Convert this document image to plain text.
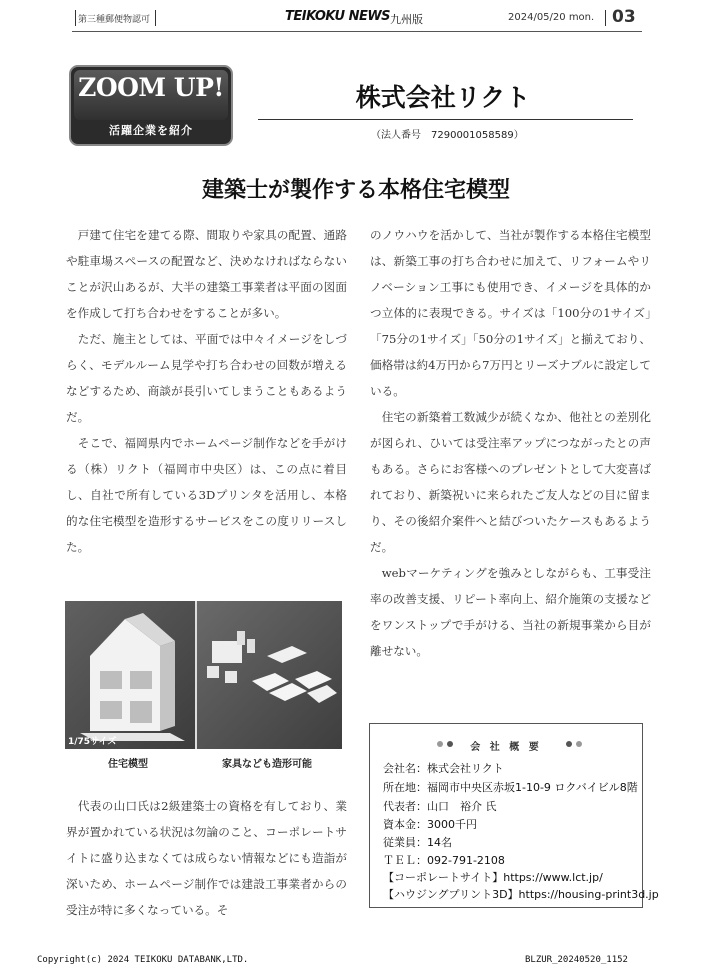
第三種郵便物認可	TEIKOKU NEWS 九州版	2024/05/20 mon. 03
ZOOM UP!
活躍企業を紹介
株式会社リクト
（法人番号　7290001058589）
建築士が製作する本格住宅模型

　戸建て住宅を建てる際、間取りや家具の配置、通路や駐車場スペースの配置など、決めなければならないことが沢山あるが、大半の建築工事業者は平面の図面を作成して打ち合わせをすることが多い。

　ただ、施主としては、平面では中々イメージをしづらく、モデルルーム見学や打ち合わせの回数が増えるなどするため、商談が長引いてしまうこともあるようだ。

　そこで、福岡県内でホームページ制作などを手がける（株）リクト（福岡市中央区）は、この点に着目し、自社で所有している3Dプリンタを活用し、本格的な住宅模型を造形するサービスをこの度リリースした。

1/75サイズ
住宅模型	家具なども造形可能

　代表の山口氏は2級建築士の資格を有しており、業界が置かれている状況は勿論のこと、コーポレートサイトに盛り込まなくては成らない情報などにも造詣が深いため、ホームページ制作では建設工事業者からの受注が特に多くなっている。そ

のノウハウを活かして、当社が製作する本格住宅模型は、新築工事の打ち合わせに加えて、リフォームやリノベーション工事にも使用でき、イメージを具体的かつ立体的に表現できる。サイズは「100分の1サイズ」「75分の1サイズ」「50分の1サイズ」と揃えており、価格帯は約4万円から7万円とリーズナブルに設定している。

　住宅の新築着工数減少が続くなか、他社との差別化が図られ、ひいては受注率アップにつながったとの声もある。さらにお客様へのプレゼントとして大変喜ばれており、新築祝いに来られたご友人などの目に留まり、その後紹介案件へと結びついたケースもあるようだ。

　webマーケティングを強みとしながらも、工事受注率の改善支援、リピート率向上、紹介施策の支援などをワンストップで手がける、当社の新規事業から目が離せない。

会 社 概 要
会社名：株式会社リクト
所在地：福岡市中央区赤坂1-10-9 ロクバイビル8階
代表者：山口　裕介 氏
資本金：3000千円
従業員：14名
ＴＥＬ：092-791-2108
【コーポレートサイト】https://www.lct.jp/
【ハウジングプリント3D】https://housing-print3d.jp
Copyright(c) 2024 TEIKOKU DATABANK,LTD.	BLZUR_20240520_1152
